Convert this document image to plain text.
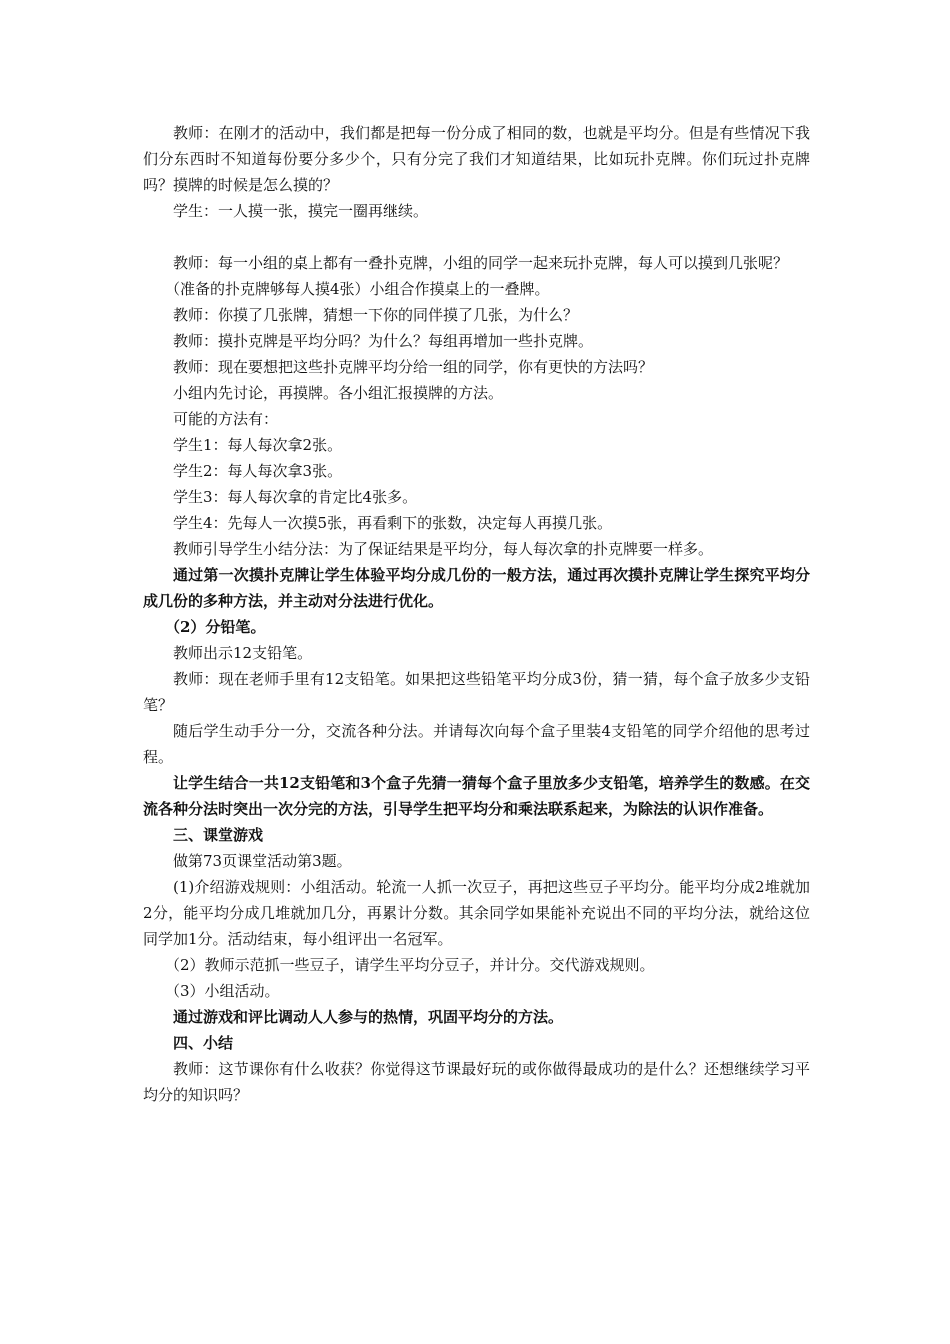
教师：在刚才的活动中，我们都是把每一份分成了相同的数，也就是平均分。但是有些情况下我们分东西时不知道每份要分多少个，只有分完了我们才知道结果，比如玩扑克牌。你们玩过扑克牌吗？摸牌的时候是怎么摸的？

学生：一人摸一张，摸完一圈再继续。

教师：每一小组的桌上都有一叠扑克牌，小组的同学一起来玩扑克牌，每人可以摸到几张呢？

（准备的扑克牌够每人摸4张）小组合作摸桌上的一叠牌。

教师：你摸了几张牌，猜想一下你的同伴摸了几张，为什么？

教师：摸扑克牌是平均分吗？为什么？每组再增加一些扑克牌。

教师：现在要想把这些扑克牌平均分给一组的同学，你有更快的方法吗？

小组内先讨论，再摸牌。各小组汇报摸牌的方法。

可能的方法有：

学生1：每人每次拿2张。

学生2：每人每次拿3张。

学生3：每人每次拿的肯定比4张多。

学生4：先每人一次摸5张，再看剩下的张数，决定每人再摸几张。

教师引导学生小结分法：为了保证结果是平均分，每人每次拿的扑克牌要一样多。

通过第一次摸扑克牌让学生体验平均分成几份的一般方法，通过再次摸扑克牌让学生探究平均分成几份的多种方法，并主动对分法进行优化。

（2）分铅笔。

教师出示12支铅笔。

教师：现在老师手里有12支铅笔。如果把这些铅笔平均分成3份，猜一猜，每个盒子放多少支铅笔？

随后学生动手分一分，交流各种分法。并请每次向每个盒子里装4支铅笔的同学介绍他的思考过程。

让学生结合一共12支铅笔和3个盒子先猜一猜每个盒子里放多少支铅笔，培养学生的数感。在交流各种分法时突出一次分完的方法，引导学生把平均分和乘法联系起来，为除法的认识作准备。

三、课堂游戏

做第73页课堂活动第3题。

(1)介绍游戏规则：小组活动。轮流一人抓一次豆子，再把这些豆子平均分。能平均分成2堆就加2分，能平均分成几堆就加几分，再累计分数。其余同学如果能补充说出不同的平均分法，就给这位同学加1分。活动结束，每小组评出一名冠军。

（2）教师示范抓一些豆子，请学生平均分豆子，并计分。交代游戏规则。

（3）小组活动。

通过游戏和评比调动人人参与的热情，巩固平均分的方法。

四、小结

教师：这节课你有什么收获？你觉得这节课最好玩的或你做得最成功的是什么？还想继续学习平均分的知识吗？
